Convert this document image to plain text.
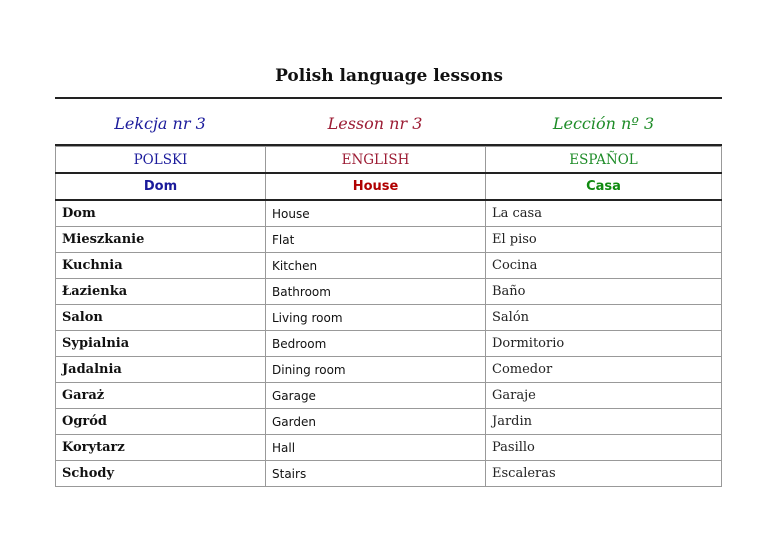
Polish language lessons
Lekcja nr 3	Lesson nr 3	Lección nº 3
POLSKI	ENGLISH	ESPAÑOL
Dom	House	Casa
Dom	House	La casa
Mieszkanie	Flat	El piso
Kuchnia	Kitchen	Cocina
Łazienka	Bathroom	Baño
Salon	Living room	Salón
Sypialnia	Bedroom	Dormitorio
Jadalnia	Dining room	Comedor
Garaż	Garage	Garaje
Ogród	Garden	Jardin
Korytarz	Hall	Pasillo
Schody	Stairs	Escaleras
